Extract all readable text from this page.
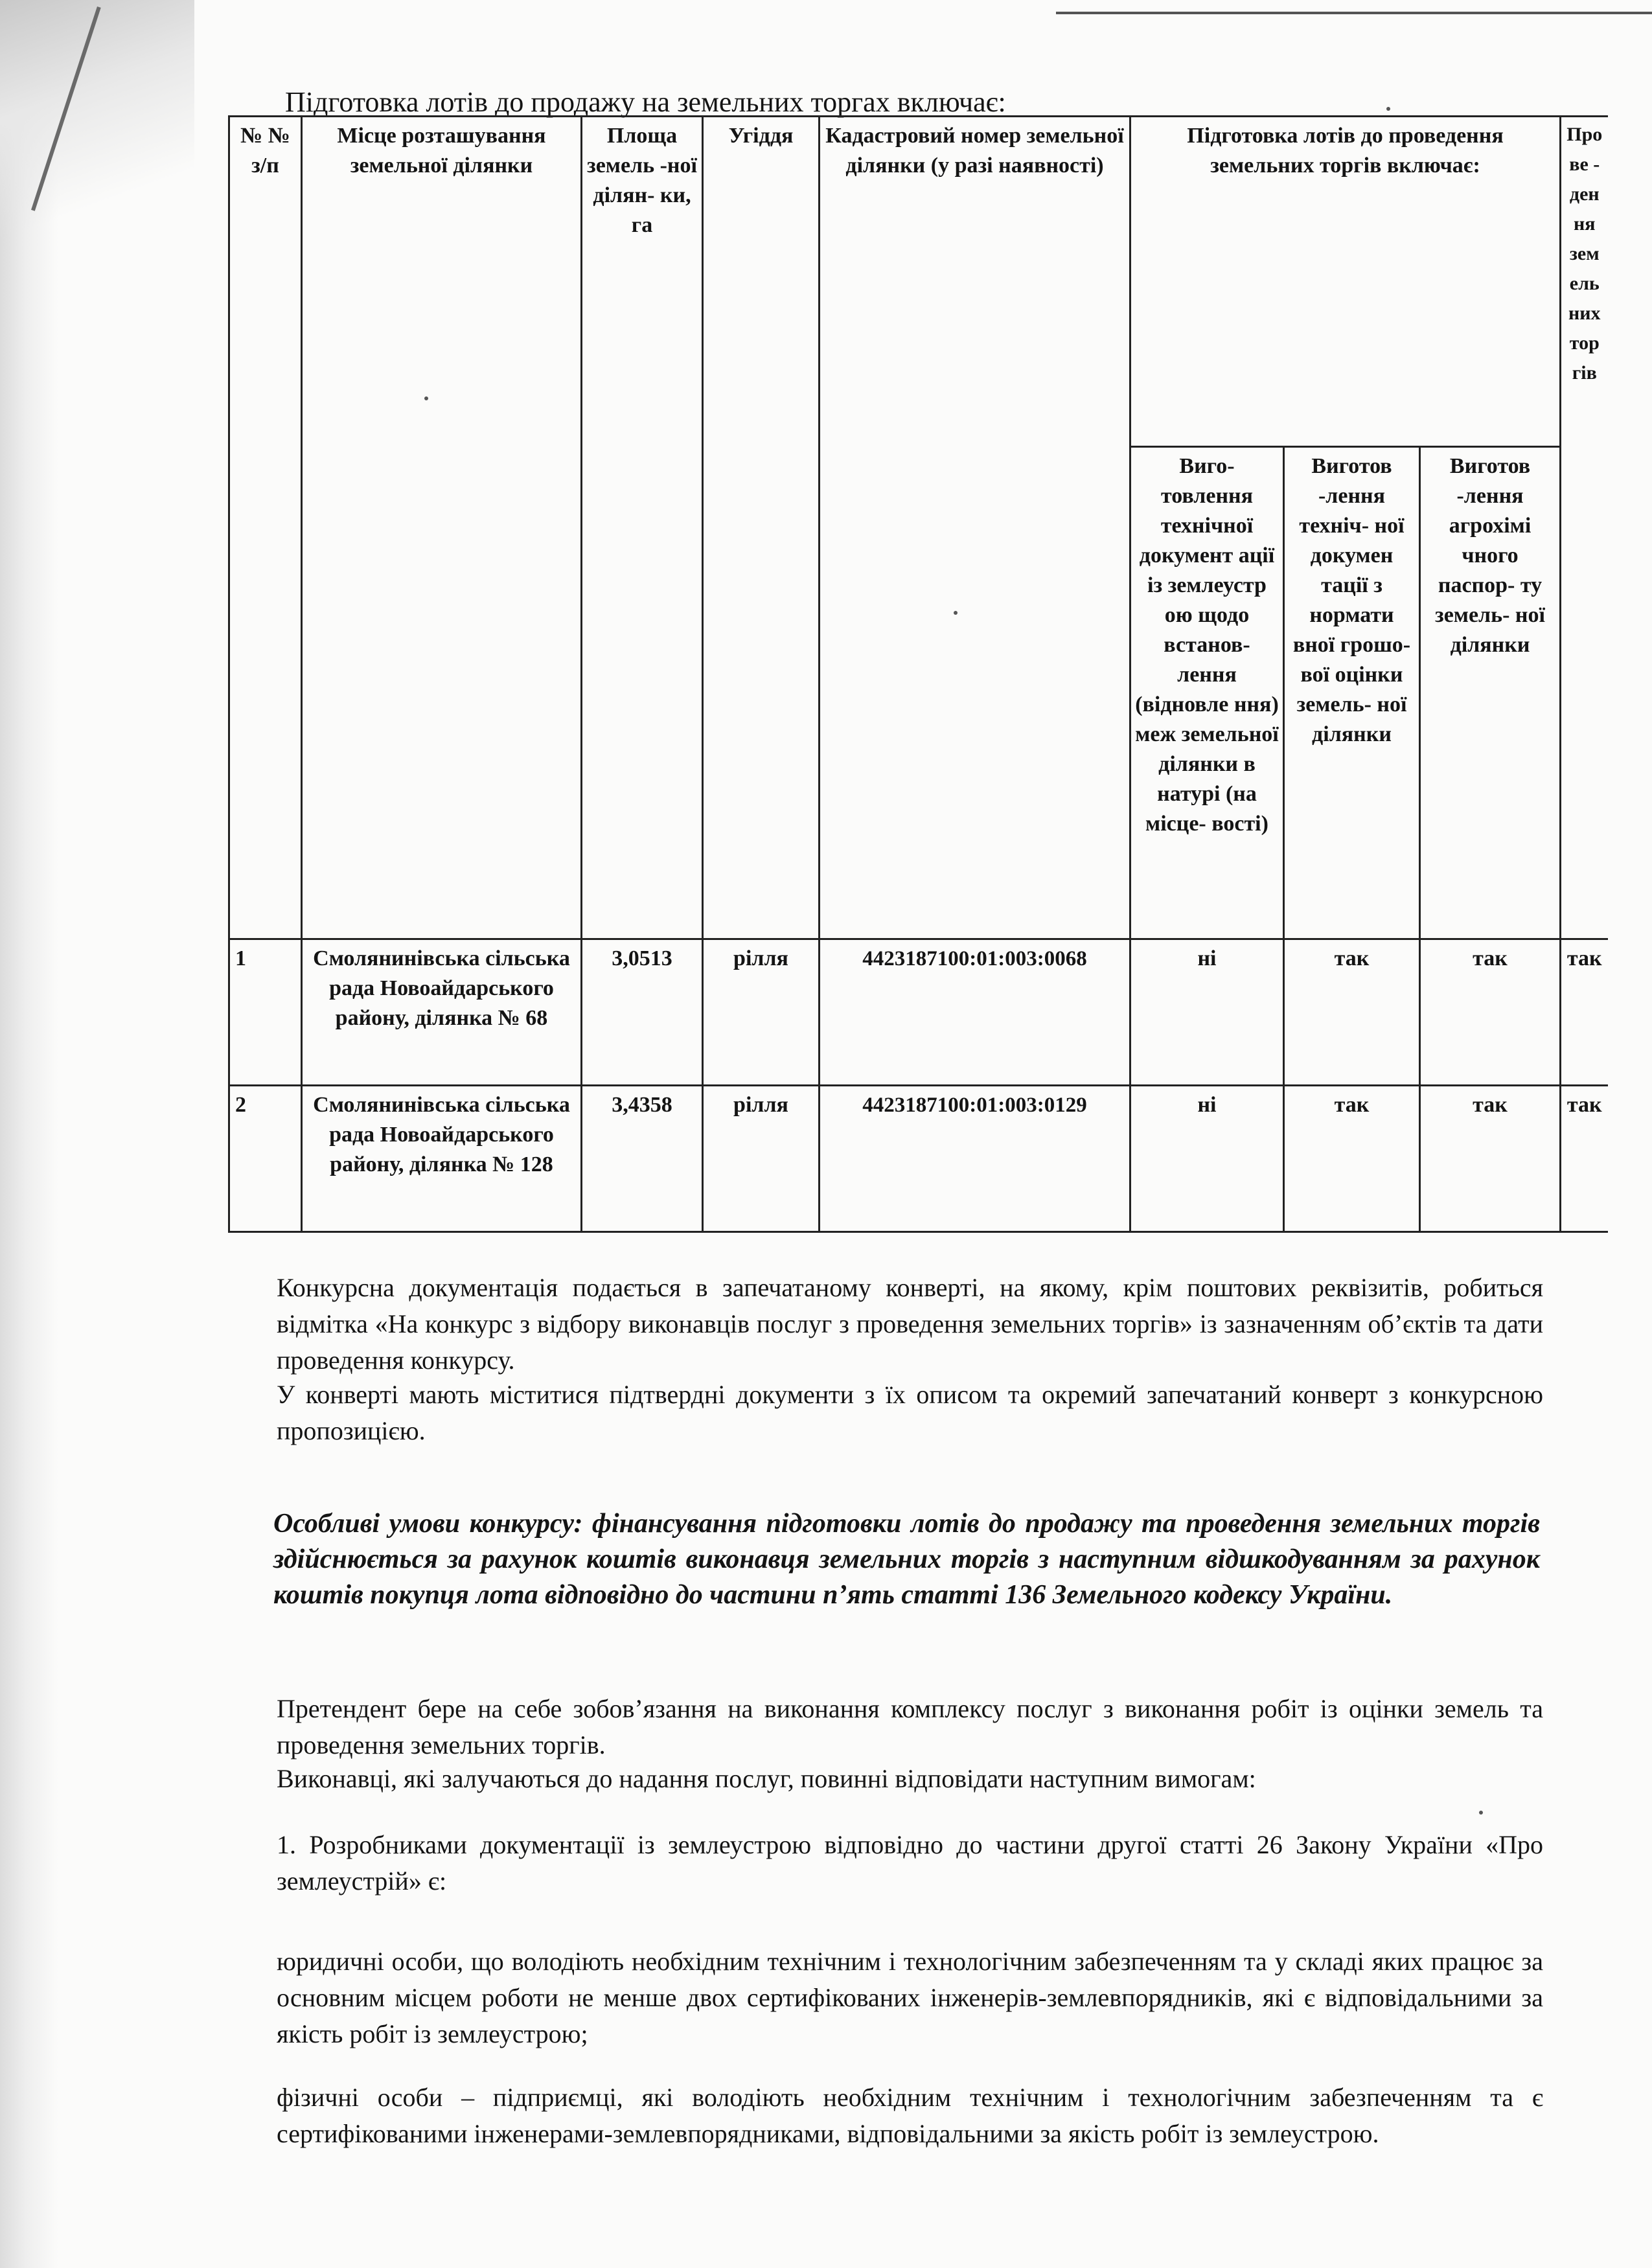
Підготовка лотів до продажу на земельних торгах включає:
№ № з/п	Місце розташування земельної ділянки	Площа земель -ної ділян- ки, га	Угіддя	Кадастровий номер земельної ділянки (у разі наявності)	Підготовка лотів до проведення земельних торгів включає:			Про ве - ден ня зем ель них тор гів
					Виго- товлення технічної документ ації із землеустр ою щодо встанов- лення (відновле ння) меж земельної ділянки в натурі (на місце- вості)	Виготов -лення техніч- ної докумен тації з нормати вної грошо- вої оцінки земель- ної ділянки	Виготов -лення агрохімі чного паспор- ту земель- ної ділянки	
1	Смолянинівська сільська рада Новоайдарського району, ділянка № 68	3,0513	рілля	4423187100:01:003:0068	ні	так	так	так
2	Смолянинівська сільська рада Новоайдарського району, ділянка № 128	3,4358	рілля	4423187100:01:003:0129	ні	так	так	так

Конкурсна документація подається в запечатаному конверті, на якому, крім поштових реквізитів, робиться відмітка «На конкурс з відбору виконавців послуг з проведення земельних торгів» із зазначенням об’єктів та дати проведення конкурсу.

У конверті мають міститися підтвердні документи з їх описом та окремий запечатаний конверт з конкурсною пропозицією.

Особливі умови конкурсу: фінансування підготовки лотів до продажу та проведення земельних торгів здійснюється за рахунок коштів виконавця земельних торгів з наступним відшкодуванням за рахунок коштів покупця лота відповідно до частини п’ять статті 136 Земельного кодексу України.

Претендент бере на себе зобов’язання на виконання комплексу послуг з виконання робіт із оцінки земель та проведення земельних торгів.

Виконавці, які залучаються до надання послуг, повинні відповідати наступним вимогам:

1. Розробниками документації із землеустрою відповідно до частини другої статті 26 Закону України «Про землеустрій» є:

юридичні особи, що володіють необхідним технічним і технологічним забезпеченням та у складі яких працює за основним місцем роботи не менше двох сертифікованих інженерів-землевпорядників, які є відповідальними за якість робіт із землеустрою;

фізичні особи – підприємці, які володіють необхідним технічним і технологічним забезпеченням та є сертифікованими інженерами-землевпорядниками, відповідальними за якість робіт із землеустрою.
